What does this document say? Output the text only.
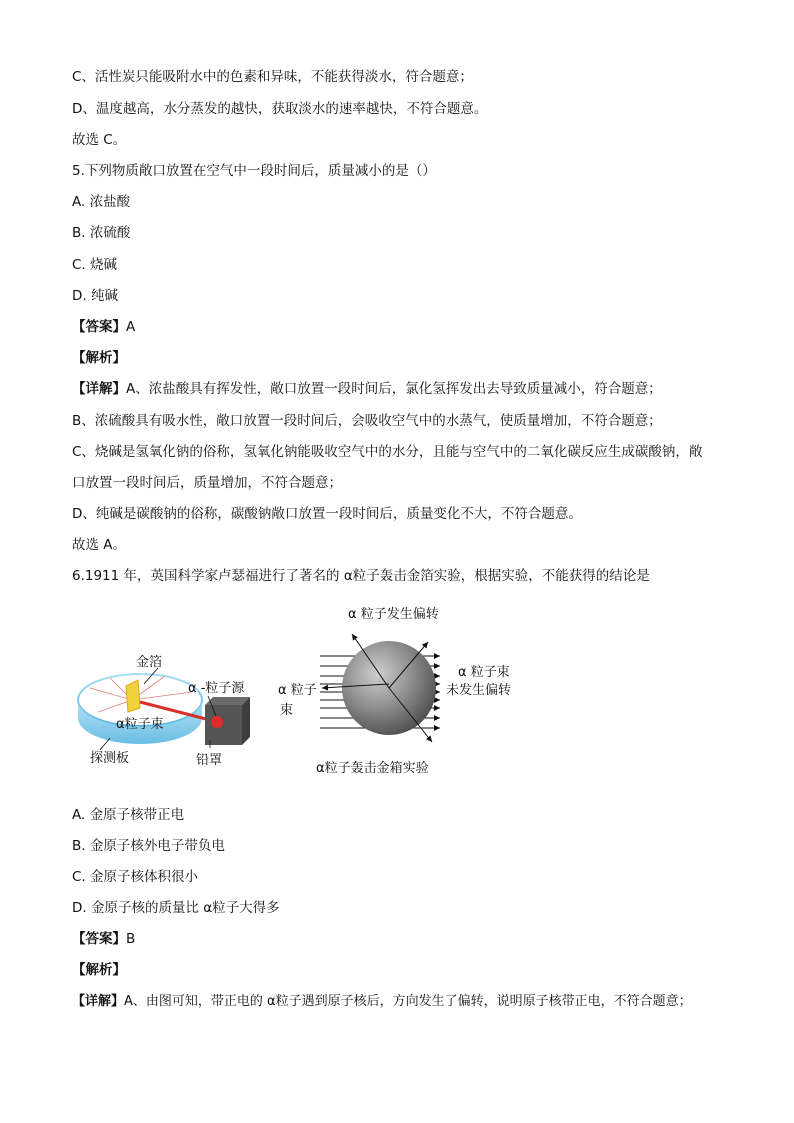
C、活性炭只能吸附水中的色素和异味，不能获得淡水，符合题意；
D、温度越高，水分蒸发的越快，获取淡水的速率越快，不符合题意。
故选 C。
5.下列物质敞口放置在空气中一段时间后，质量减小的是（）
A. 浓盐酸
B. 浓硫酸
C. 烧碱
D. 纯碱
【答案】A
【解析】
【详解】A、浓盐酸具有挥发性，敞口放置一段时间后，氯化氢挥发出去导致质量减小，符合题意；
B、浓硫酸具有吸水性，敞口放置一段时间后，会吸收空气中的水蒸气，使质量增加，不符合题意；
C、烧碱是氢氧化钠的俗称，氢氧化钠能吸收空气中的水分，且能与空气中的二氧化碳反应生成碳酸钠，敞
口放置一段时间后，质量增加，不符合题意；
D、纯碱是碳酸钠的俗称，碳酸钠敞口放置一段时间后，质量变化不大，不符合题意。
故选 A。
6.1911 年，英国科学家卢瑟福进行了著名的 α粒子轰击金箔实验，根据实验，不能获得的结论是
金箔
α -粒子源
α粒子束
探测板	铅罩
α 粒子发生偏转
α 粒子束
未发生偏转
α 粒子
束
α粒子轰击金箱实验
A. 金原子核带正电
B. 金原子核外电子带负电
C. 金原子核体积很小
D. 金原子核的质量比 α粒子大得多
【答案】B
【解析】
【详解】A、由图可知，带正电的 α粒子遇到原子核后，方向发生了偏转，说明原子核带正电，不符合题意；
